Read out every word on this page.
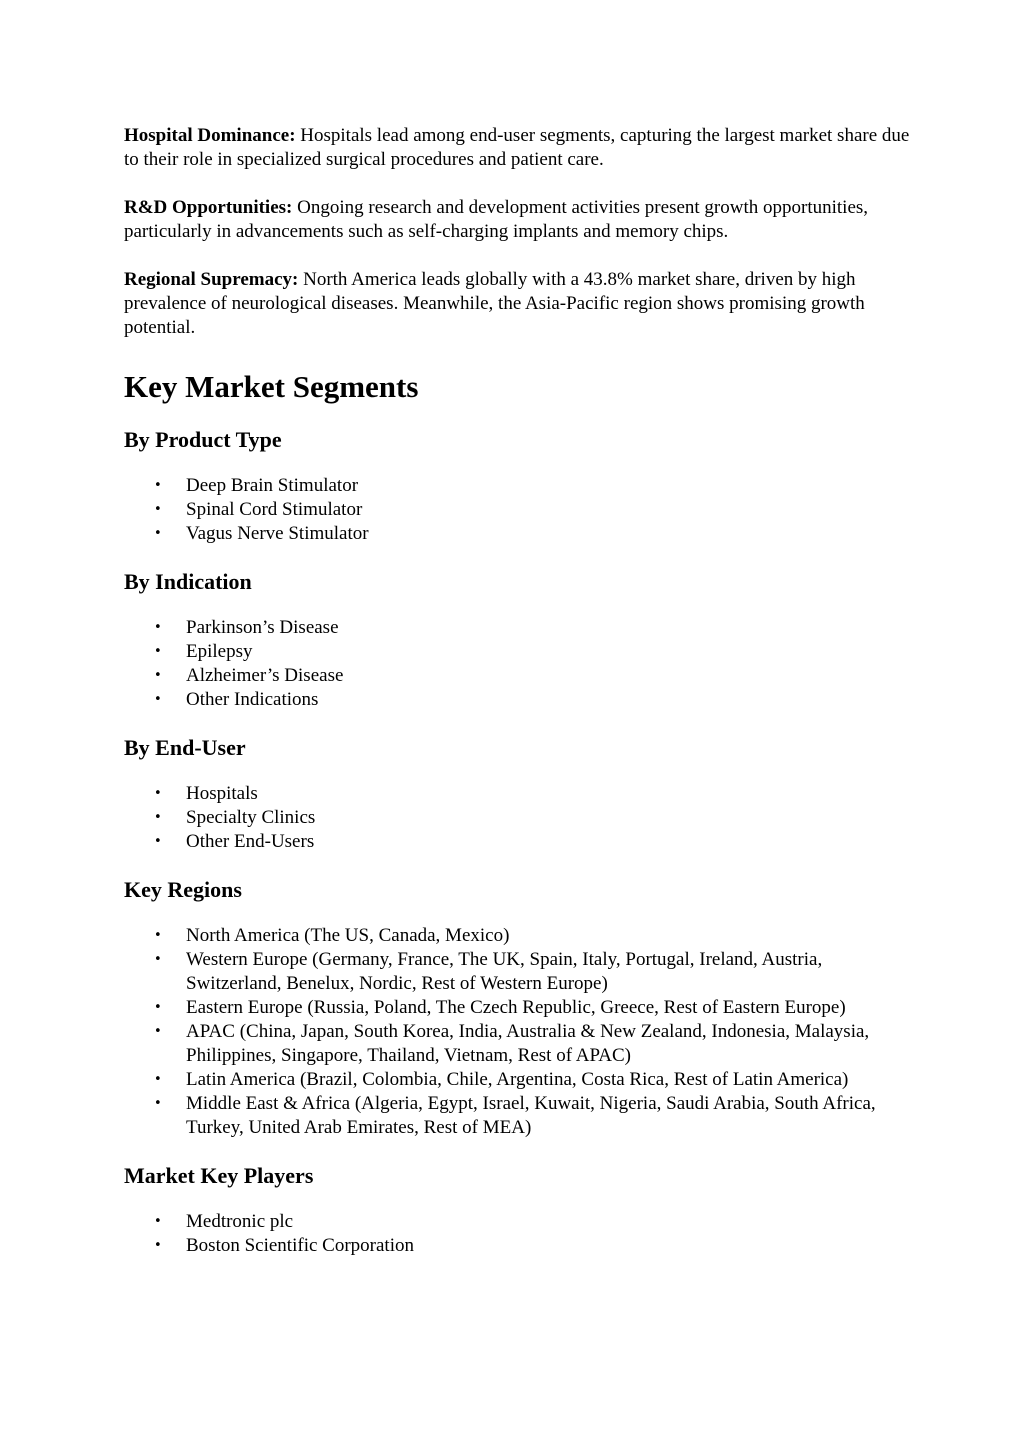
Hospital Dominance: Hospitals lead among end-user segments, capturing the largest market share due to their role in specialized surgical procedures and patient care.

R&D Opportunities: Ongoing research and development activities present growth opportunities, particularly in advancements such as self-charging implants and memory chips.

Regional Supremacy: North America leads globally with a 43.8% market share, driven by high prevalence of neurological diseases. Meanwhile, the Asia-Pacific region shows promising growth potential.

Key Market Segments
By Product Type
• Deep Brain Stimulator
• Spinal Cord Stimulator
• Vagus Nerve Stimulator
By Indication
• Parkinson’s Disease
• Epilepsy
• Alzheimer’s Disease
• Other Indications
By End-User
• Hospitals
• Specialty Clinics
• Other End-Users
Key Regions
• North America (The US, Canada, Mexico)
• Western Europe (Germany, France, The UK, Spain, Italy, Portugal, Ireland, Austria, Switzerland, Benelux, Nordic, Rest of Western Europe)
• Eastern Europe (Russia, Poland, The Czech Republic, Greece, Rest of Eastern Europe)
• APAC (China, Japan, South Korea, India, Australia & New Zealand, Indonesia, Malaysia, Philippines, Singapore, Thailand, Vietnam, Rest of APAC)
• Latin America (Brazil, Colombia, Chile, Argentina, Costa Rica, Rest of Latin America)
• Middle East & Africa (Algeria, Egypt, Israel, Kuwait, Nigeria, Saudi Arabia, South Africa, Turkey, United Arab Emirates, Rest of MEA)
Market Key Players
• Medtronic plc
• Boston Scientific Corporation
